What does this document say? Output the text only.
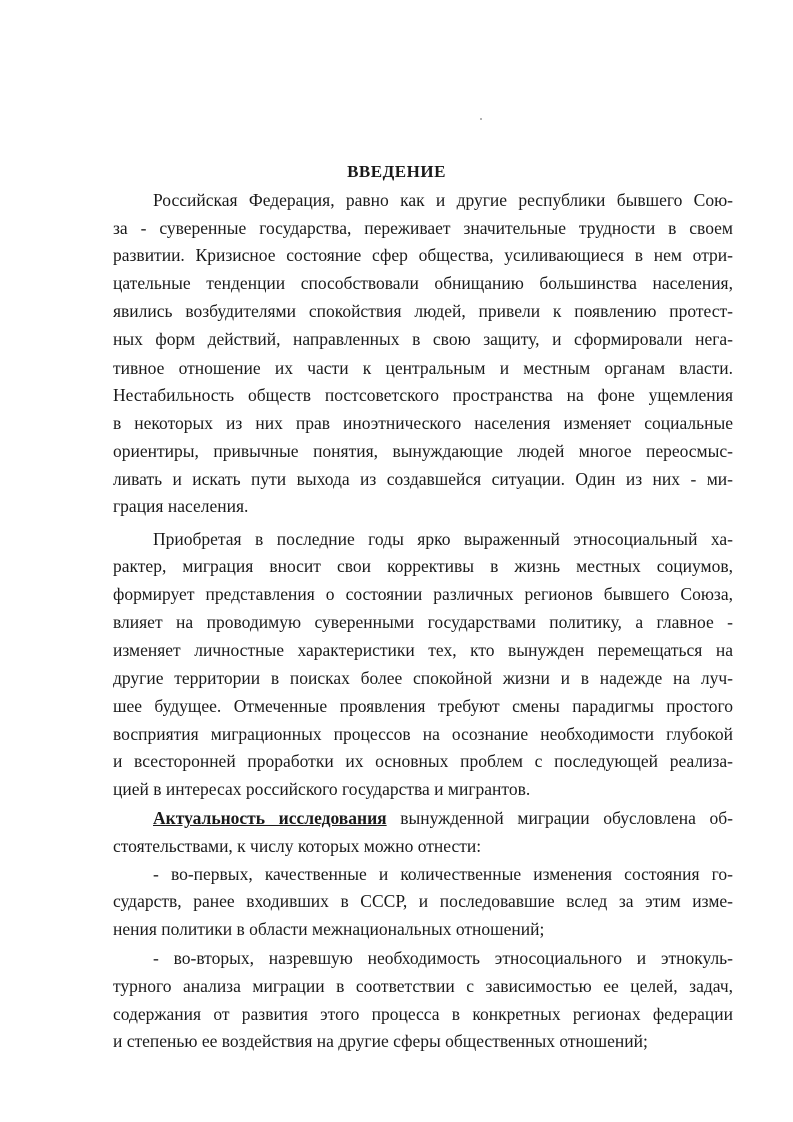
ВВЕДЕНИЕ
Российская Федерация, равно как и другие республики бывшего Сою-
за - суверенные государства, переживает значительные трудности в своем
развитии. Кризисное состояние сфер общества, усиливающиеся в нем отри-
цательные тенденции способствовали обнищанию большинства населения,
явились возбудителями спокойствия людей, привели к появлению протест-
ных форм действий, направленных в свою защиту, и сформировали нега-
тивное отношение их части к центральным и местным органам власти.
Нестабильность обществ постсоветского пространства на фоне ущемления
в некоторых из них прав иноэтнического населения изменяет социальные
ориентиры, привычные понятия, вынуждающие людей многое переосмыс-
ливать и искать пути выхода из создавшейся ситуации. Один из них - ми-
грация населения.
Приобретая в последние годы ярко выраженный этносоциальный ха-
рактер, миграция вносит свои коррективы в жизнь местных социумов,
формирует представления о состоянии различных регионов бывшего Союза,
влияет на проводимую суверенными государствами политику, а главное -
изменяет личностные характеристики тех, кто вынужден перемещаться на
другие территории в поисках более спокойной жизни и в надежде на луч-
шее будущее. Отмеченные проявления требуют смены парадигмы простого
восприятия миграционных процессов на осознание необходимости глубокой
и всесторонней проработки их основных проблем с последующей реализа-
цией в интересах российского государства и мигрантов.
Актуальность исследования вынужденной миграции обусловлена об-
стоятельствами, к числу которых можно отнести:
- во-первых, качественные и количественные изменения состояния го-
сударств, ранее входивших в СССР, и последовавшие вслед за этим изме-
нения политики в области межнациональных отношений;
- во-вторых, назревшую необходимость этносоциального и этнокуль-
турного анализа миграции в соответствии с зависимостью ее целей, задач,
содержания от развития этого процесса в конкретных регионах федерации
и степенью ее воздействия на другие сферы общественных отношений;
